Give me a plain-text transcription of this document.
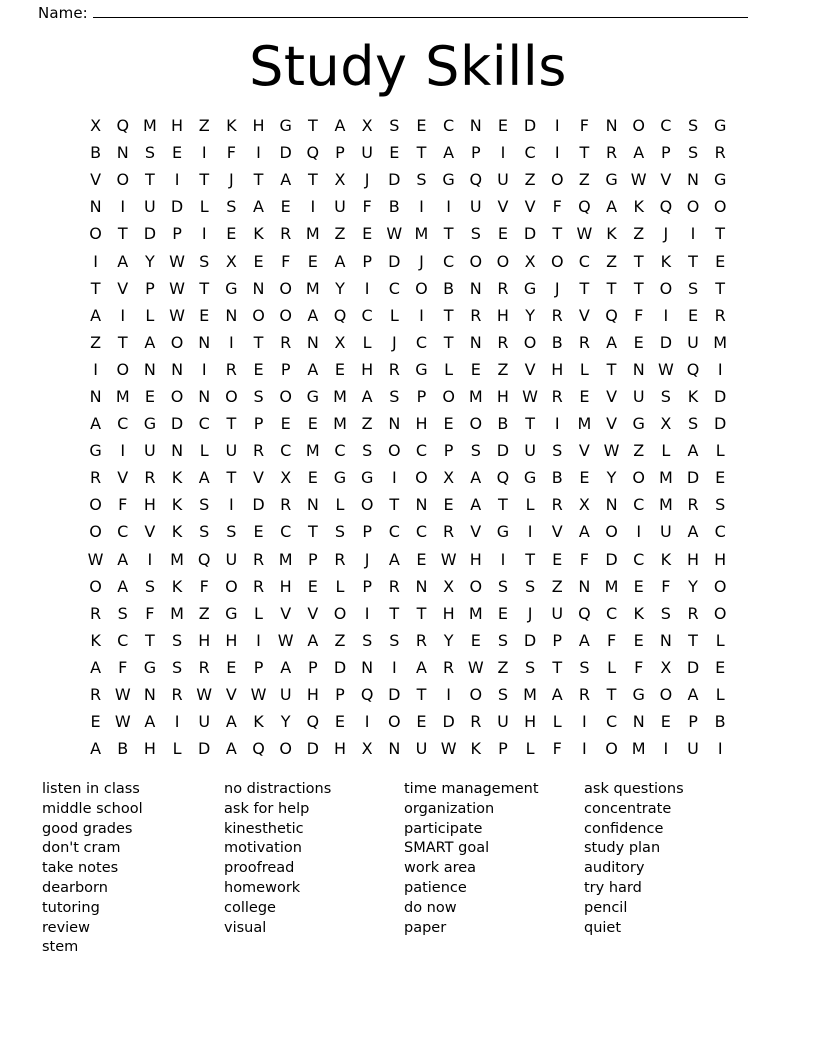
Name:
Study Skills
X Q M H Z	K H G	T	A	X	S	E	C N	E D	I	F	N O C	S G
B N	S	E	I	F	I	D Q	P	U	E	T	A	P	I	C	I	T	R	A	P	S	R
V O T	I	T	J	T	A	T	X	J	D S G Q U Z O Z G W V N G
N	I	U D	L	S	A	E	I	U	F	B	I	I	U V	V	F	Q A	K Q O O
O T	D	P	I	E	K	R M Z	E W M T	S	E D	T W K	Z	J	I	T
I	A	Y W S	X	E	F	E	A	P	D	J	C O O X O C	Z	T	K	T	E
T	V	P W T	G N O M Y	I	C O B N R G	J	T	T	T O S	T
A	I	L W E	N O O A Q C	L	I	T	R H	Y	R	V Q	F	I	E	R
Z	T	A O N	I	T	R N X	L	J	C	T	N R O B	R	A	E D U M
I	O N N	I	R	E	P	A	E	H R G	L	E	Z	V H	L	T	N W Q	I
N M E O N O S O G M A	S	P	O M H W R	E	V U	S	K D
A	C G D C	T	P	E	E M Z N H	E O B	T	I	M V G X	S D
G	I	U N	L	U R	C M C	S O C	P	S D U	S	V W Z	L	A	L
R	V	R	K	A	T	V	X	E G G	I	O X	A Q G B	E	Y O M D E
O	F	H K	S	I	D R N	L	O T	N	E	A	T	L	R	X N C M R	S
O C	V	K	S	S	E	C	T	S	P	C C	R	V G	I	V	A O	I	U A	C
W A	I	M Q U R M P	R	J	A	E W H	I	T	E	F	D C	K H H
O A	S	K	F	O R H	E	L	P	R N X O S	S	Z N M E	F	Y O
R	S	F M Z G	L	V	V O	I	T	T	H M E	J	U Q C	K	S	R O
K	C	T	S	H H	I	W A	Z	S	S	R	Y	E	S D	P	A	F	E	N	T	L
A	F	G S	R	E	P	A	P	D N	I	A	R W Z	S	T	S	L	F	X D E
R W N R W V W U H	P	Q D	T	I	O S M A	R	T	G O A	L
E W A	I	U A	K	Y Q E	I	O E D R U H	L	I	C N	E	P	B
A	B H	L	D A Q O D H X N U W K	P	L	F	I	O M	I	U	I
listen in class
middle school
good grades
don't cram
take notes
dearborn
tutoring
review
stem
no distractions
ask for help
kinesthetic
motivation
proofread
homework
college
visual
time management
organization
participate
SMART goal
work area
patience
do now
paper
ask questions
concentrate
confidence
study plan
auditory
try hard
pencil
quiet
